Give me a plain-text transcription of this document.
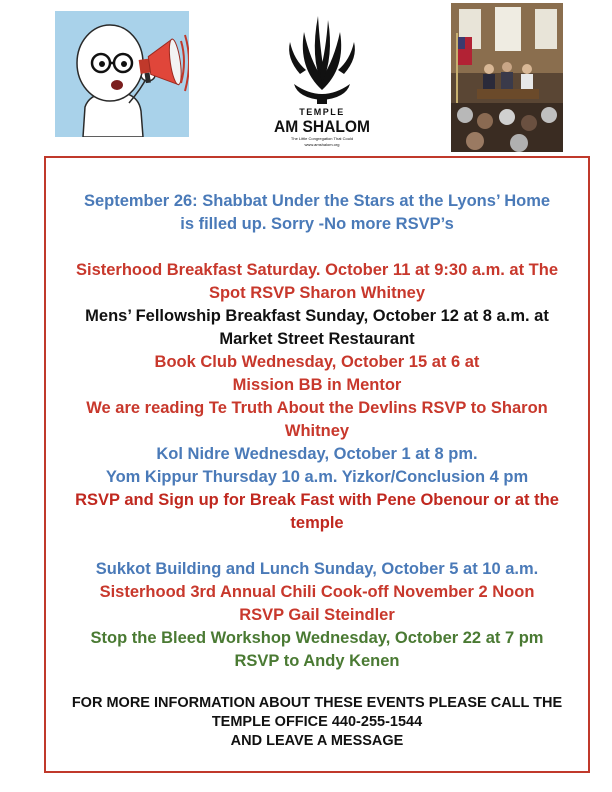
TEMPLE
AM SHALOM
The Little Congregation That Could
www.amshalom.org
September 26: Shabbat Under the Stars at the Lyons’ Home
is filled up. Sorry -No more RSVP’s
Sisterhood Breakfast Saturday. October 11 at 9:30 a.m. at The
Spot RSVP Sharon Whitney
Mens’ Fellowship Breakfast Sunday, October 12 at 8 a.m. at
Market Street Restaurant
Book Club Wednesday, October 15 at 6 at
Mission BB in Mentor
We are reading Te Truth About the Devlins RSVP to Sharon
Whitney
Kol Nidre Wednesday, October 1 at 8 pm.
Yom Kippur Thursday 10 a.m. Yizkor/Conclusion 4 pm
RSVP and Sign up for Break Fast with Pene Obenour or at the
temple
Sukkot Building and Lunch Sunday, October 5 at 10 a.m.
Sisterhood 3rd Annual Chili Cook-off November 2 Noon
RSVP Gail Steindler
Stop the Bleed Workshop Wednesday, October 22 at 7 pm
RSVP to Andy Kenen
FOR MORE INFORMATION ABOUT THESE EVENTS PLEASE CALL THE
TEMPLE OFFICE 440-255-1544
AND LEAVE A MESSAGE
